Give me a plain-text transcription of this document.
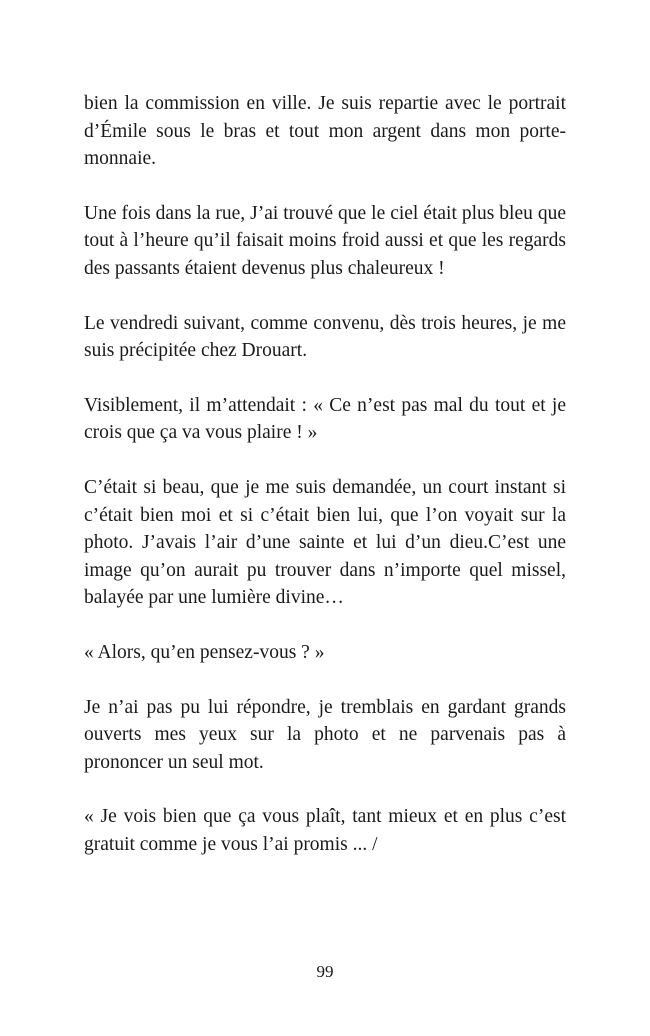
bien la commission en ville. Je suis repartie avec le portrait d’Émile sous le bras et tout mon argent dans mon porte-monnaie.

Une fois dans la rue, J’ai trouvé que le ciel était plus bleu que tout à l’heure qu’il faisait moins froid aussi et que les regards des passants étaient devenus plus chaleureux !

Le vendredi suivant, comme convenu, dès trois heures, je me suis précipitée chez Drouart.

Visiblement, il m’attendait : « Ce n’est pas mal du tout et je crois que ça va vous plaire ! »

C’était si beau, que je me suis demandée, un court instant si c’était bien moi et si c’était bien lui, que l’on voyait sur la photo. J’avais l’air d’une sainte et lui d’un dieu.C’est une image qu’on aurait pu trouver dans n’importe quel missel, balayée par une lumière divine…

« Alors, qu’en pensez-vous ? »

Je n’ai pas pu lui répondre, je tremblais en gardant grands ouverts mes yeux sur la photo et ne parvenais pas à prononcer un seul mot.

« Je vois bien que ça vous plaît, tant mieux et en plus c’est gratuit comme je vous l’ai promis ... /

99
